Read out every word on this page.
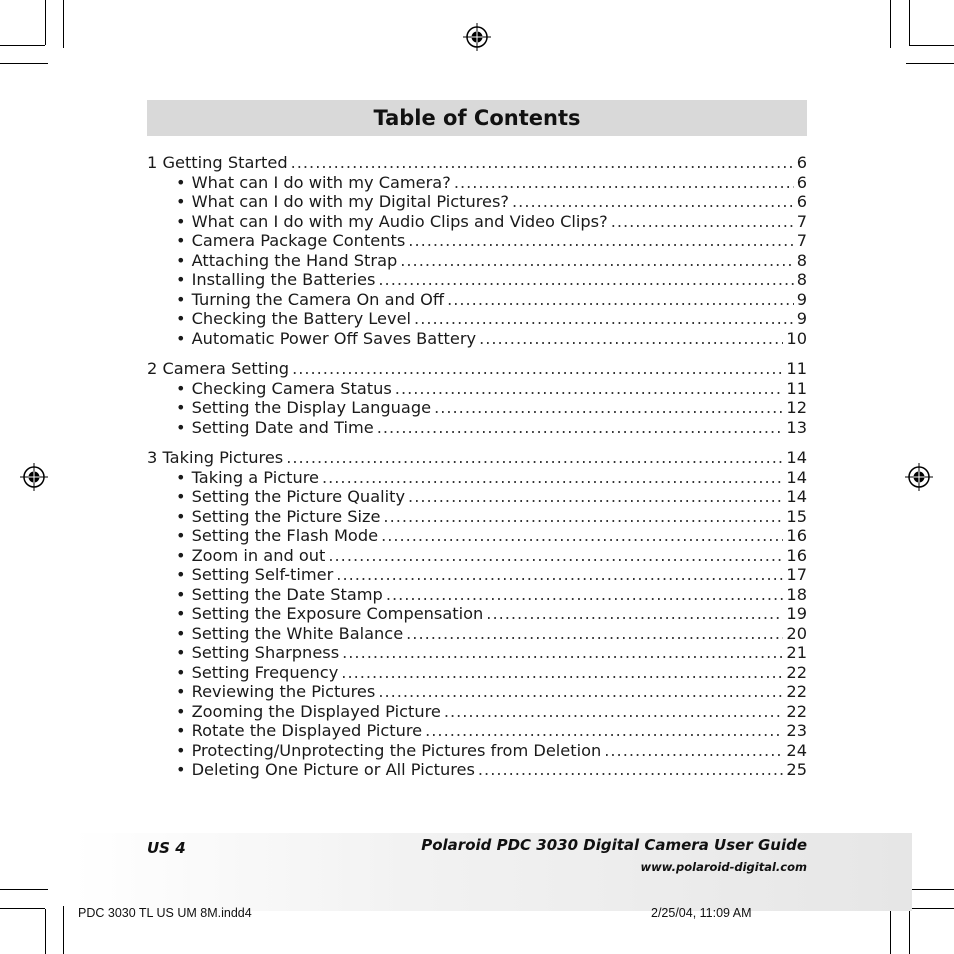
Table of Contents
1 Getting Started .....	6
• What can I do with my Camera? .....	6
• What can I do with my Digital Pictures? .....	6
• What can I do with my Audio Clips and Video Clips? .....	7
• Camera Package Contents .....	7
• Attaching the Hand Strap .....	8
• Installing the Batteries .....	8
• Turning the Camera On and Off .....	9
• Checking the Battery Level .....	9
• Automatic Power Off Saves Battery .....	10
2 Camera Setting .....	11
• Checking Camera Status .....	11
• Setting the Display Language .....	12
• Setting Date and Time .....	13
3 Taking Pictures .....	14
• Taking a Picture .....	14
• Setting the Picture Quality .....	14
• Setting the Picture Size .....	15
• Setting the Flash Mode .....	16
• Zoom in and out .....	16
• Setting Self-timer .....	17
• Setting the Date Stamp .....	18
• Setting the Exposure Compensation .....	19
• Setting the White Balance .....	20
• Setting Sharpness .....	21
• Setting Frequency .....	22
• Reviewing the Pictures .....	22
• Zooming the Displayed Picture .....	22
• Rotate the Displayed Picture .....	23
• Protecting/Unprotecting the Pictures from Deletion .....	24
• Deleting One Picture or All Pictures .....	25
US 4	Polaroid PDC 3030 Digital Camera User Guide
www.polaroid-digital.com
PDC 3030 TL US UM 8M.indd4	2/25/04, 11:09 AM
